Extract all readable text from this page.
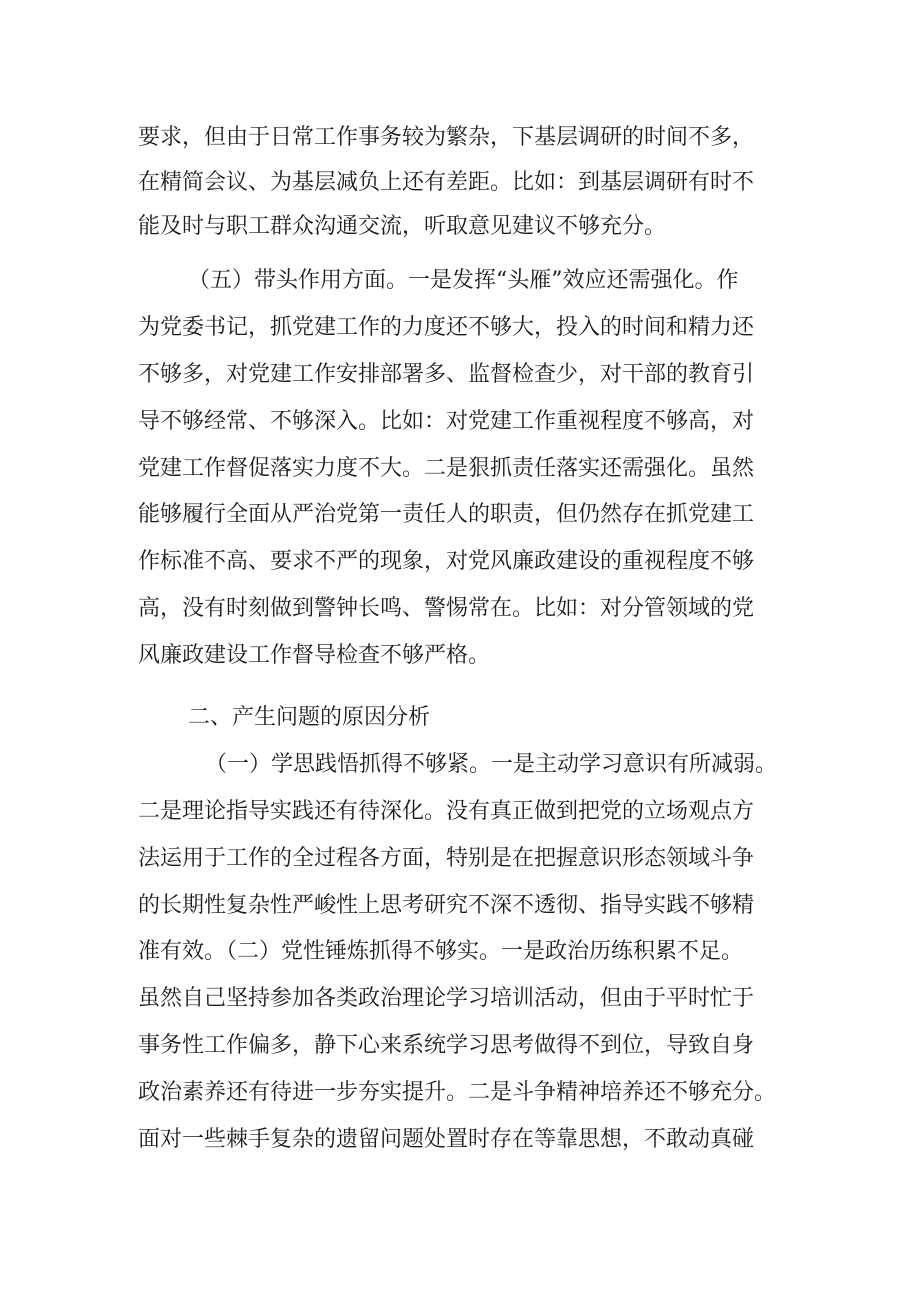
要求，但由于日常工作事务较为繁杂，下基层调研的时间不多，
在精简会议、为基层减负上还有差距。比如：到基层调研有时不
能及时与职工群众沟通交流，听取意见建议不够充分。
（五）带头作用方面。一是发挥“头雁”效应还需强化。作
为党委书记，抓党建工作的力度还不够大，投入的时间和精力还
不够多，对党建工作安排部署多、监督检查少，对干部的教育引
导不够经常、不够深入。比如：对党建工作重视程度不够高，对
党建工作督促落实力度不大。二是狠抓责任落实还需强化。虽然
能够履行全面从严治党第一责任人的职责，但仍然存在抓党建工
作标准不高、要求不严的现象，对党风廉政建设的重视程度不够
高，没有时刻做到警钟长鸣、警惕常在。比如：对分管领域的党
风廉政建设工作督导检查不够严格。
二、产生问题的原因分析
（一）学思践悟抓得不够紧。一是主动学习意识有所减弱。
二是理论指导实践还有待深化。没有真正做到把党的立场观点方
法运用于工作的全过程各方面，特别是在把握意识形态领域斗争
的长期性复杂性严峻性上思考研究不深不透彻、指导实践不够精
准有效。（二）党性锤炼抓得不够实。一是政治历练积累不足。
虽然自己坚持参加各类政治理论学习培训活动，但由于平时忙于
事务性工作偏多，静下心来系统学习思考做得不到位，导致自身
政治素养还有待进一步夯实提升。二是斗争精神培养还不够充分。
面对一些棘手复杂的遗留问题处置时存在等靠思想，不敢动真碰
